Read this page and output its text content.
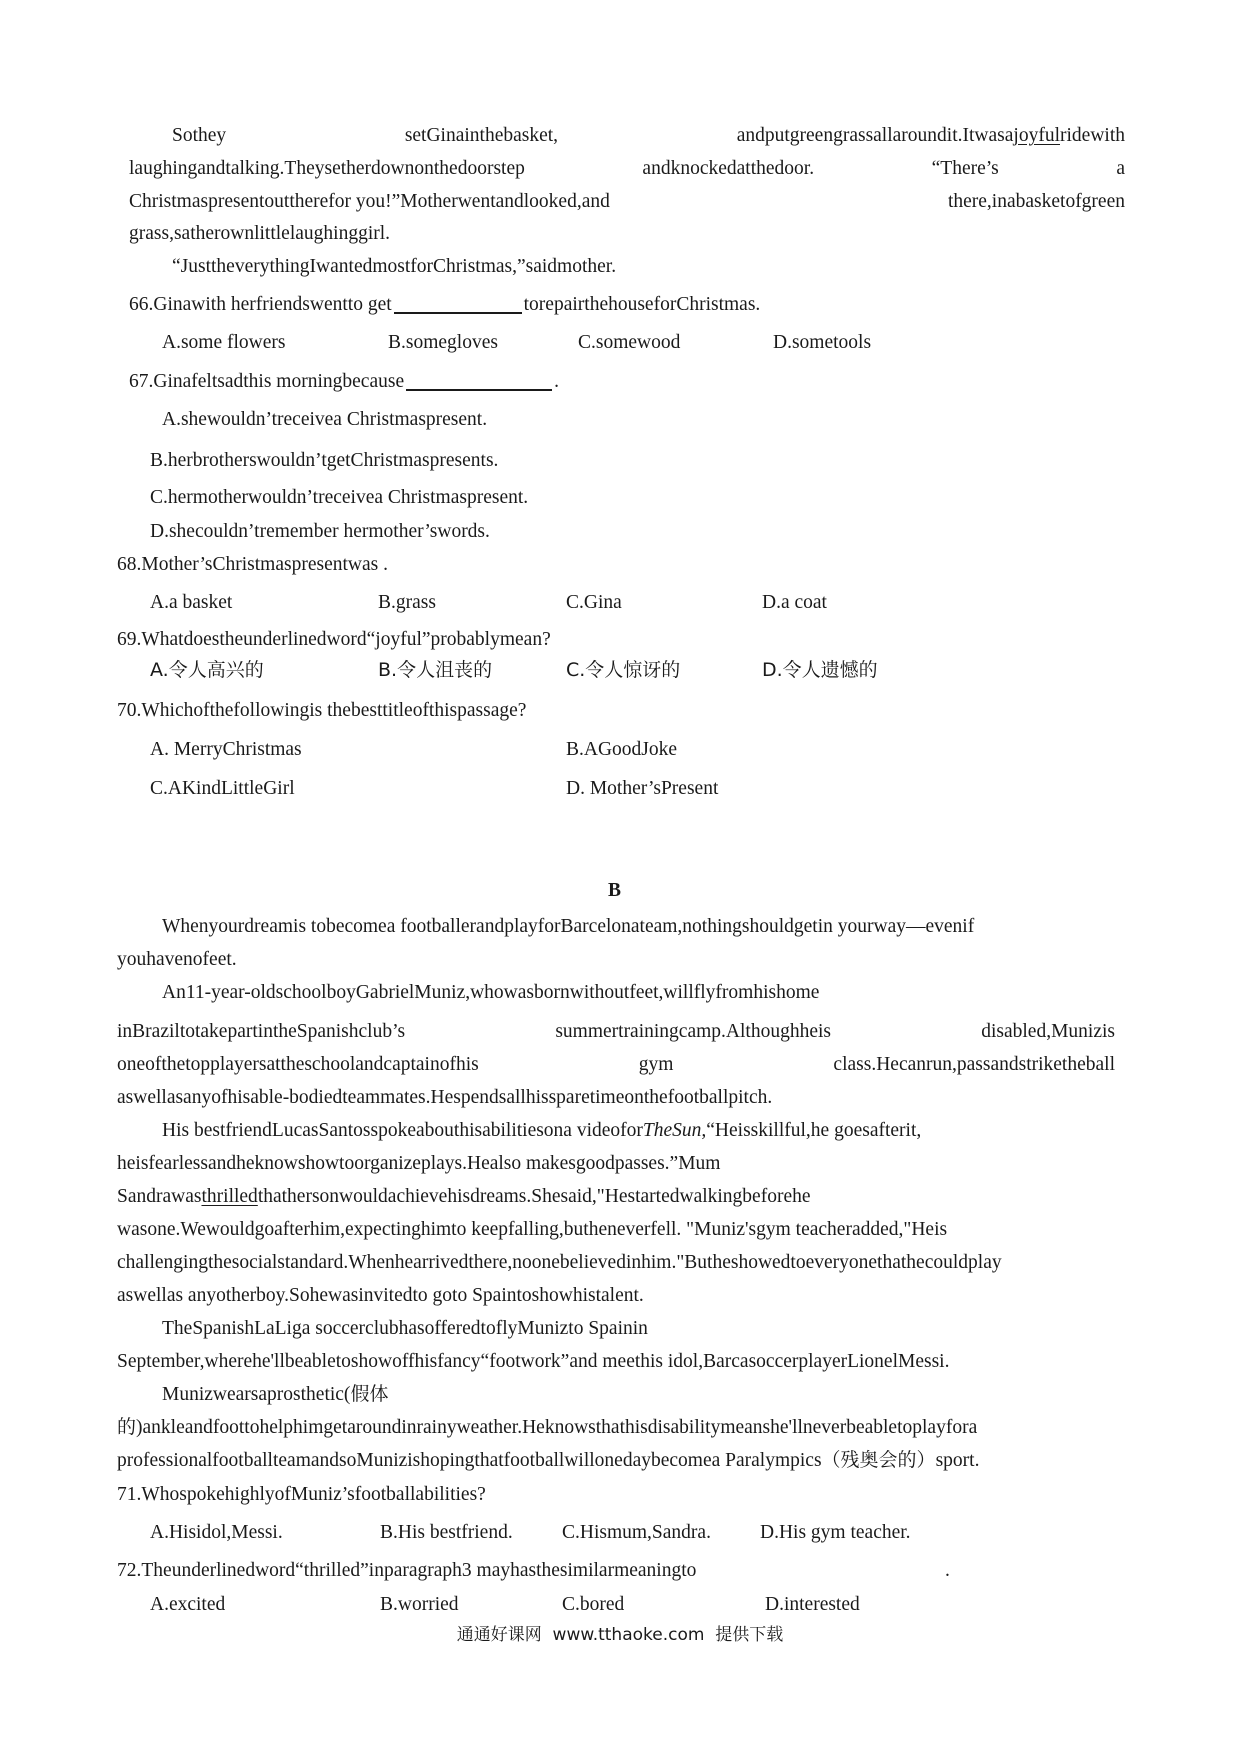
Sothey	setGinainthebasket,	andputgreengrassallaroundit.Itwasajoyfulridewith
laughingandtalking.Theysetherdownonthedoorstep	andknockedatthedoor.	“There’s	a
Christmaspresentouttherefor you!”Motherwentandlooked,and	there,inabasketofgreen
grass,satherownlittlelaughinggirl.
“JusttheverythingIwantedmostforChristmas,”saidmother.
66.Ginawith herfriendswentto get	torepairthehouseforChristmas.
A.some flowers	B.somegloves	C.somewood	D.sometools
67.Ginafeltsadthis morningbecause	.
A.shewouldn’treceivea Christmaspresent.
B.herbrotherswouldn’tgetChristmaspresents.
C.hermotherwouldn’treceivea Christmaspresent.
D.shecouldn’tremember hermother’swords.
68.Mother’sChristmaspresentwas .
A.a basket	B.grass	C.Gina	D.a coat
69.Whatdoestheunderlinedword“joyful”probablymean?
A.令人高兴的	B.令人沮丧的	C.令人惊讶的	D.令人遗憾的
70.Whichofthefollowingis thebesttitleofthispassage?
A. MerryChristmas	B.AGoodJoke
C.AKindLittleGirl	D. Mother’sPresent
B
Whenyourdreamis tobecomea footballerandplayforBarcelonateam,nothingshouldgetin yourway—evenif
youhavenofeet.
An11-year-oldschoolboyGabrielMuniz,whowasbornwithoutfeet,willflyfromhishome
inBraziltotakepartintheSpanishclub’s	summertrainingcamp.Althoughheis	disabled,Munizis
oneofthetopplayersattheschoolandcaptainofhis	gym	class.Hecanrun,passandstriketheball
aswellasanyofhisable-bodiedteammates.Hespendsallhissparetimeonthefootballpitch.
His bestfriendLucasSantosspokeabouthisabilitiesona videoforTheSun,“Heisskillful,he goesafterit,
heisfearlessandheknowshowtoorganizeplays.Healso makesgoodpasses.”Mum
Sandrawasthrilledthathersonwouldachievehisdreams.Shesaid,"Hestartedwalkingbeforehe
wasone.Wewouldgoafterhim,expectinghimto keepfalling,butheneverfell. "Muniz'sgym teacheradded,"Heis
challengingthesocialstandard.Whenhearrivedthere,noonebelievedinhim."Butheshowedtoeveryonethathecouldplay
aswellas anyotherboy.Sohewasinvitedto goto Spaintoshowhistalent.
TheSpanishLaLiga soccerclubhasofferedtoflyMunizto Spainin
September,wherehe'llbeabletoshowoffhisfancy“footwork”and meethis idol,BarcasoccerplayerLionelMessi.
Munizwearsaprosthetic(假体
的)ankleandfoottohelphimgetaroundinrainyweather.Heknowsthathisdisabilitymeanshe'llneverbeabletoplayfora
professionalfootballteamandsoMunizishopingthatfootballwillonedaybecomea Paralympics（残奥会的）sport.
71.WhospokehighlyofMuniz’sfootballabilities?
A.Hisidol,Messi.	B.His bestfriend.	C.Hismum,Sandra.	D.His gym teacher.
72.Theunderlinedword“thrilled”inparagraph3 mayhasthesimilarmeaningto	.
A.excited	B.worried	C.bored	D.interested
通通好课网  www.tthaoke.com  提供下载
